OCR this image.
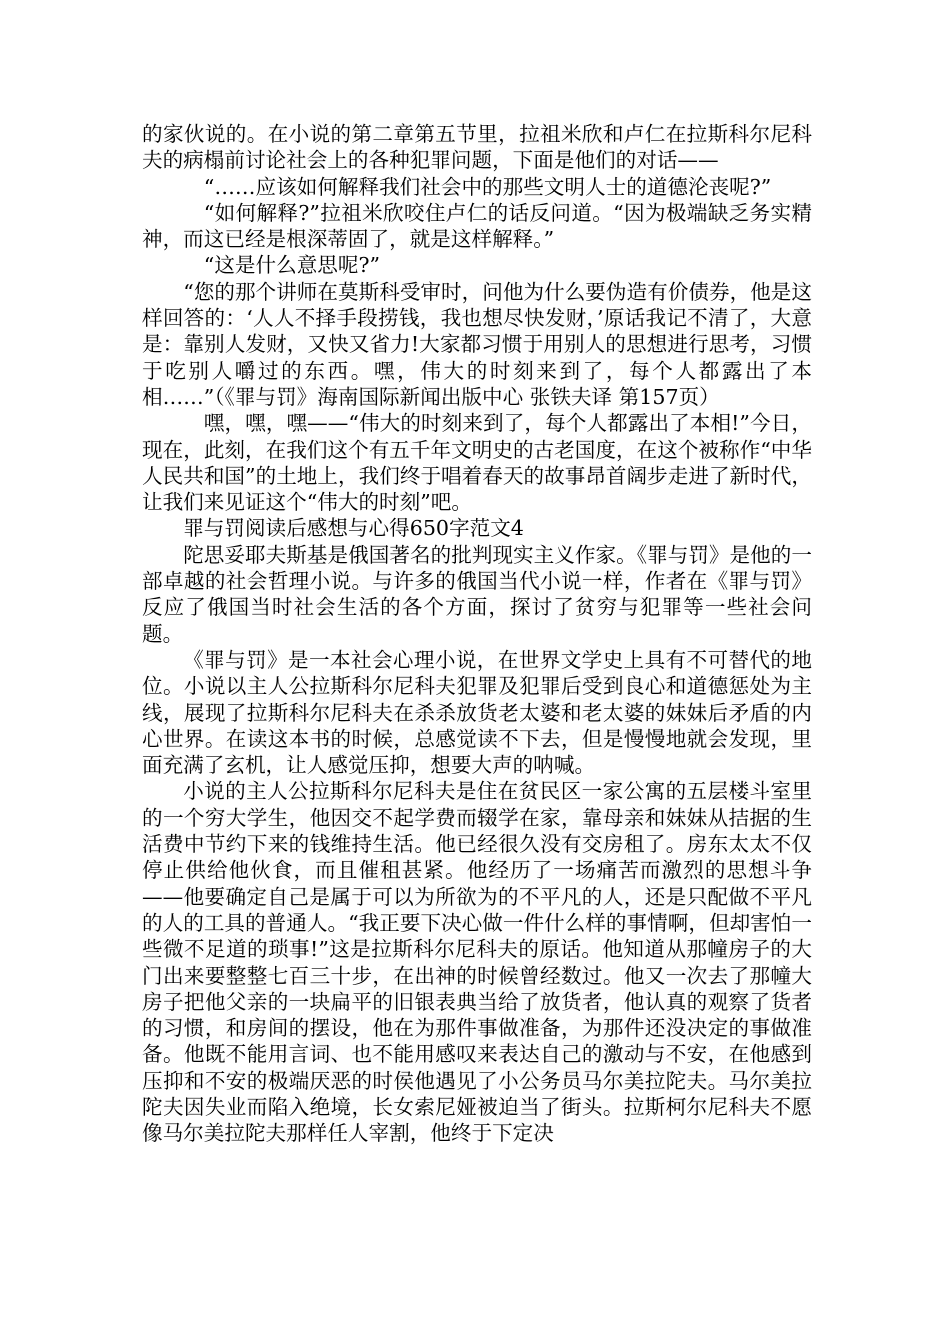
的家伙说的。在小说的第二章第五节里，拉祖米欣和卢仁在拉斯科尔尼科夫的病榻前讨论社会上的各种犯罪问题，下面是他们的对话——

“……应该如何解释我们社会中的那些文明人士的道德沦丧呢?”

“如何解释?”拉祖米欣咬住卢仁的话反问道。“因为极端缺乏务实精神，而这已经是根深蒂固了，就是这样解释。”

“这是什么意思呢?”

“您的那个讲师在莫斯科受审时，问他为什么要伪造有价债券，他是这样回答的：‘人人不择手段捞钱，我也想尽快发财，’原话我记不清了，大意是：靠别人发财，又快又省力!大家都习惯于用别人的思想进行思考，习惯于吃别人嚼过的东西。嘿，伟大的时刻来到了，每个人都露出了本相……”（《罪与罚》海南国际新闻出版中心 张铁夫译 第157页）

嘿，嘿，嘿——“伟大的时刻来到了，每个人都露出了本相!”今日，现在，此刻，在我们这个有五千年文明史的古老国度，在这个被称作“中华人民共和国”的土地上，我们终于唱着春天的故事昂首阔步走进了新时代，让我们来见证这个“伟大的时刻”吧。

罪与罚阅读后感想与心得650字范文4

陀思妥耶夫斯基是俄国著名的批判现实主义作家。《罪与罚》是他的一部卓越的社会哲理小说。与许多的俄国当代小说一样，作者在《罪与罚》反应了俄国当时社会生活的各个方面，探讨了贫穷与犯罪等一些社会问题。

《罪与罚》是一本社会心理小说，在世界文学史上具有不可替代的地位。小说以主人公拉斯科尔尼科夫犯罪及犯罪后受到良心和道德惩处为主线，展现了拉斯科尔尼科夫在杀杀放货老太婆和老太婆的妹妹后矛盾的内心世界。在读这本书的时候，总感觉读不下去，但是慢慢地就会发现，里面充满了玄机，让人感觉压抑，想要大声的呐喊。

小说的主人公拉斯科尔尼科夫是住在贫民区一家公寓的五层楼斗室里的一个穷大学生，他因交不起学费而辍学在家，靠母亲和妹妹从拮据的生活费中节约下来的钱维持生活。他已经很久没有交房租了。房东太太不仅停止供给他伙食，而且催租甚紧。他经历了一场痛苦而激烈的思想斗争——他要确定自己是属于可以为所欲为的不平凡的人，还是只配做不平凡的人的工具的普通人。“我正要下决心做一件什么样的事情啊，但却害怕一些微不足道的琐事!”这是拉斯科尔尼科夫的原话。他知道从那幢房子的大门出来要整整七百三十步，在出神的时候曾经数过。他又一次去了那幢大房子把他父亲的一块扁平的旧银表典当给了放货者，他认真的观察了货者的习惯，和房间的摆设，他在为那件事做准备，为那件还没决定的事做准备。他既不能用言词、也不能用感叹来表达自己的激动与不安，在他感到压抑和不安的极端厌恶的时侯他遇见了小公务员马尔美拉陀夫。马尔美拉陀夫因失业而陷入绝境，长女索尼娅被迫当了街头。拉斯柯尔尼科夫不愿像马尔美拉陀夫那样任人宰割，他终于下定决
